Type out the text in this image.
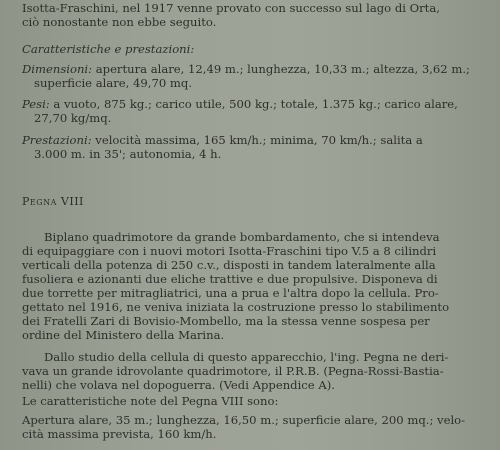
Isotta-Fraschini, nel 1917 venne provato con successo sul lago di Orta,

ciò nonostante non ebbe seguito.

Caratteristiche e prestazioni:

Dimensioni: apertura alare, 12,49 m.; lunghezza, 10,33 m.; altezza, 3,62 m.;

superficie alare, 49,70 mq.

Pesi: a vuoto, 875 kg.; carico utile, 500 kg.; totale, 1.375 kg.; carico alare,

27,70 kg/mq.

Prestazioni: velocità massima, 165 km/h.; minima, 70 km/h.; salita a

3.000 m. in 35'; autonomia, 4 h.

Pegna VIII

Biplano quadrimotore da grande bombardamento, che si intendeva

di equipaggiare con i nuovi motori Isotta-Fraschini tipo V.5 a 8 cilindri

verticali della potenza di 250 c.v., disposti in tandem lateralmente alla

fusoliera e azionanti due eliche trattive e due propulsive. Disponeva di

due torrette per mitragliatrici, una a prua e l'altra dopo la cellula. Pro-

gettato nel 1916, ne veniva iniziata la costruzione presso lo stabilimento

dei Fratelli Zari di Bovisio-Mombello, ma la stessa venne sospesa per

ordine del Ministero della Marina.

Dallo studio della cellula di questo apparecchio, l'ing. Pegna ne deri-

vava un grande idrovolante quadrimotore, il P.R.B. (Pegna-Rossi-Bastia-

nelli) che volava nel dopoguerra. (Vedi Appendice A).

Le caratteristiche note del Pegna VIII sono:

Apertura alare, 35 m.; lunghezza, 16,50 m.; superficie alare, 200 mq.; velo-

cità massima prevista, 160 km/h.
